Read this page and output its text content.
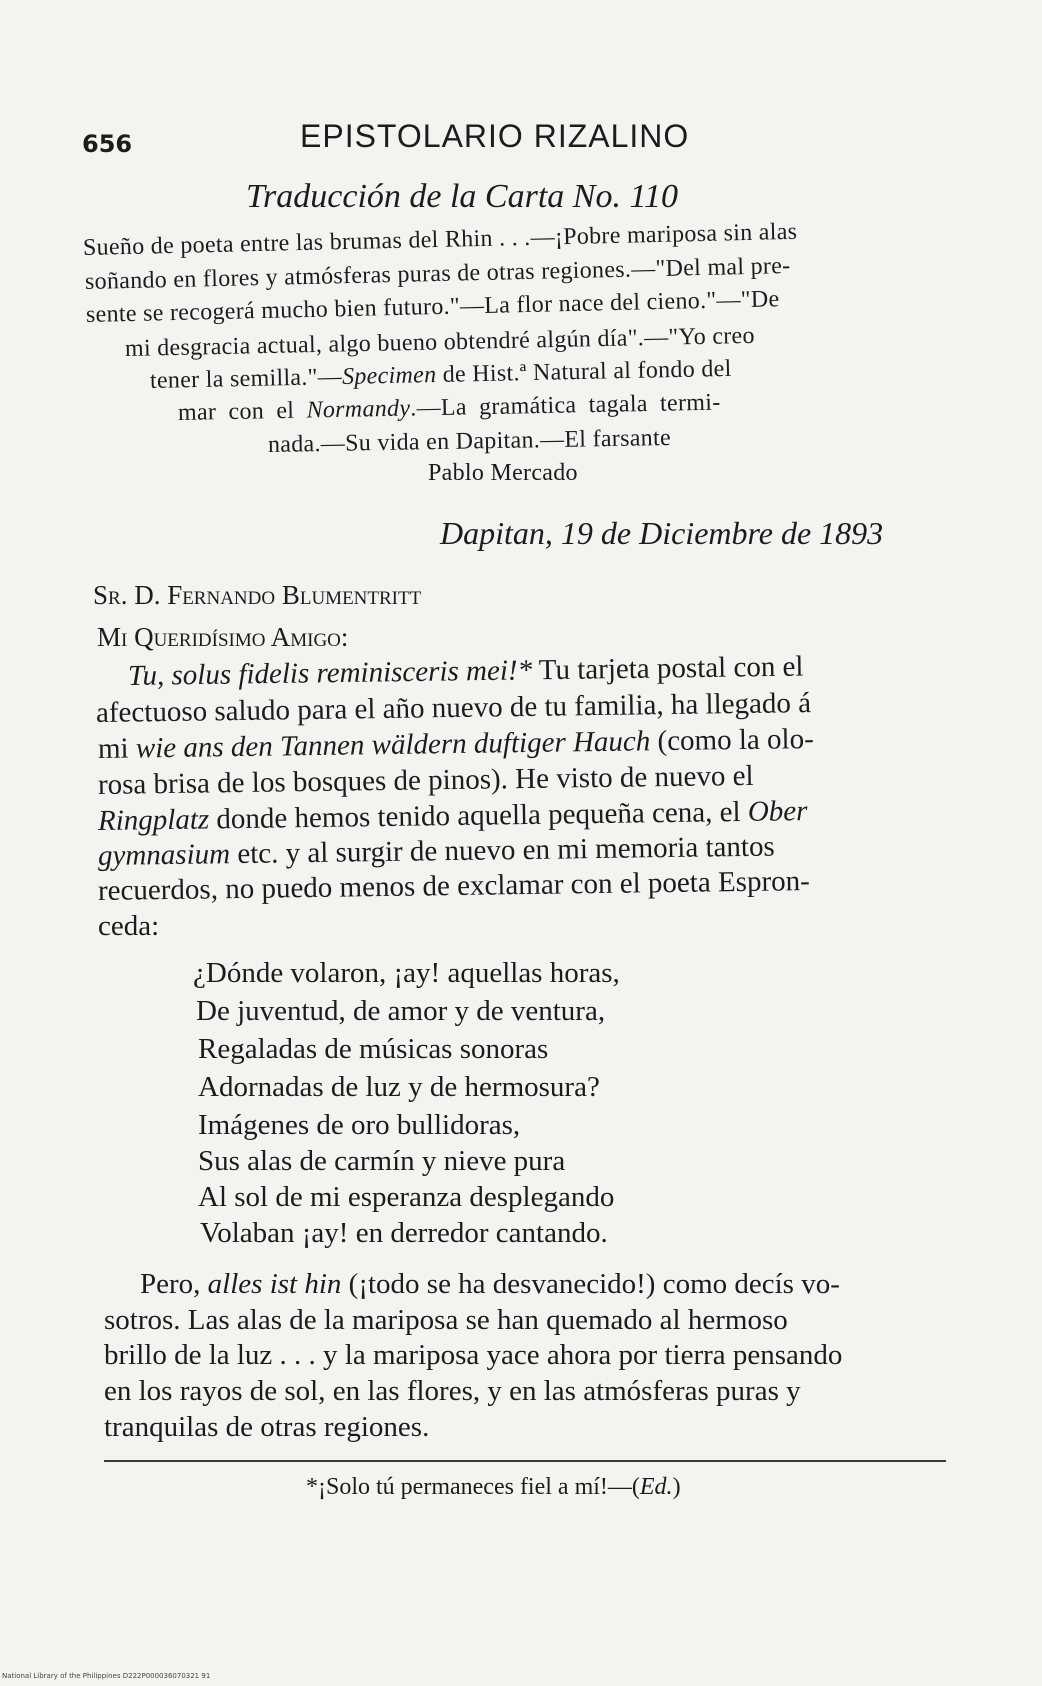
656	EPISTOLARIO RIZALINO
Traducción de la Carta No. 110
Sueño de poeta entre las brumas del Rhin . . .—¡Pobre mariposa sin alas
soñando en flores y atmósferas puras de otras regiones.—"Del mal pre-
sente se recogerá mucho bien futuro."—La flor nace del cieno."—"De
mi desgracia actual, algo bueno obtendré algún día".—"Yo creo
tener la semilla."—Specimen de Hist.ª Natural al fondo del
mar con el Normandy.—La gramática tagala termi-
nada.—Su vida en Dapitan.—El farsante
Pablo Mercado
Dapitan, 19 de Diciembre de 1893
Sr. D. Fernando Blumentritt
Mi Queridísimo Amigo:
Tu, solus fidelis reminisceris mei!* Tu tarjeta postal con el
afectuoso saludo para el año nuevo de tu familia, ha llegado á
mi wie ans den Tannen wäldern duftiger Hauch (como la olo-
rosa brisa de los bosques de pinos). He visto de nuevo el
Ringplatz donde hemos tenido aquella pequeña cena, el Ober
gymnasium etc. y al surgir de nuevo en mi memoria tantos
recuerdos, no puedo menos de exclamar con el poeta Espron-
ceda:
¿Dónde volaron, ¡ay! aquellas horas,
De juventud, de amor y de ventura,
Regaladas de músicas sonoras
Adornadas de luz y de hermosura?
Imágenes de oro bullidoras,
Sus alas de carmín y nieve pura
Al sol de mi esperanza desplegando
Volaban ¡ay! en derredor cantando.
Pero, alles ist hin (¡todo se ha desvanecido!) como decís vo-
sotros. Las alas de la mariposa se han quemado al hermoso
brillo de la luz . . . y la mariposa yace ahora por tierra pensando
en los rayos de sol, en las flores, y en las atmósferas puras y
tranquilas de otras regiones.
*¡Solo tú permaneces fiel a mí!—(Ed.)
National Library of the Philippines D222P000036070321 91
